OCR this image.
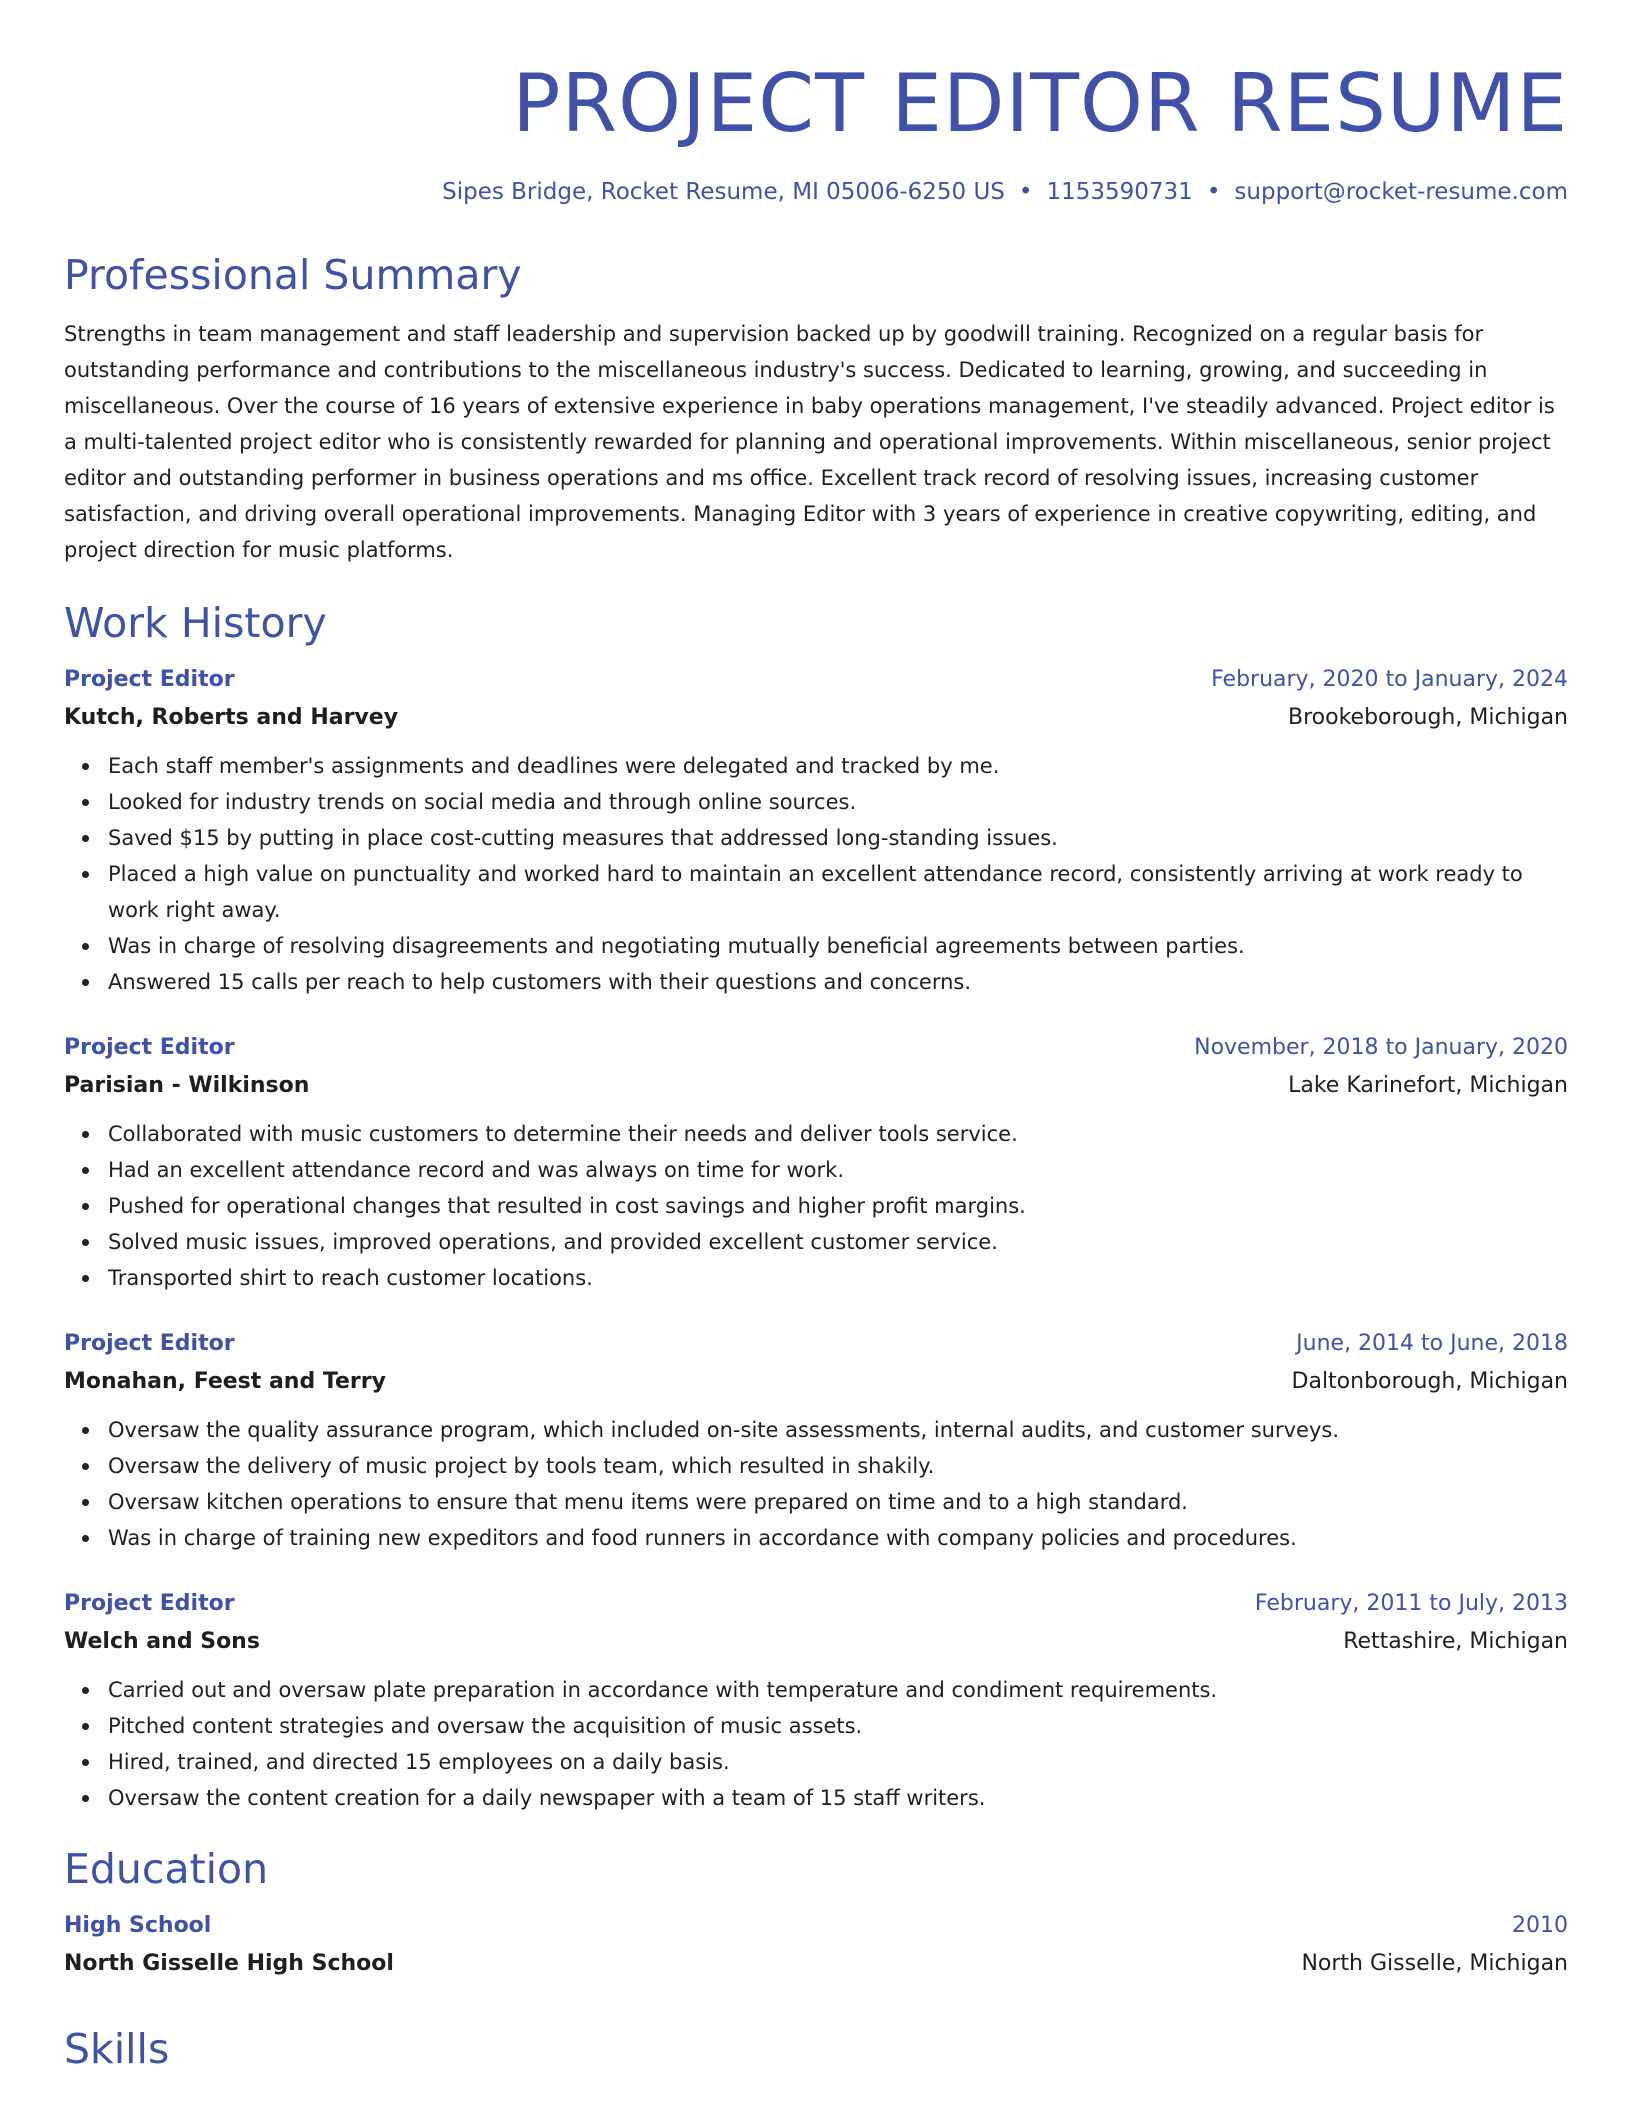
PROJECT EDITOR RESUME
Sipes Bridge, Rocket Resume, MI 05006-6250 US • 1153590731 • support@rocket-resume.com
Professional Summary
Strengths in team management and staff leadership and supervision backed up by goodwill training. Recognized on a regular basis for outstanding performance and contributions to the miscellaneous industry's success. Dedicated to learning, growing, and succeeding in miscellaneous. Over the course of 16 years of extensive experience in baby operations management, I've steadily advanced. Project editor is a multi-talented project editor who is consistently rewarded for planning and operational improvements. Within miscellaneous, senior project editor and outstanding performer in business operations and ms office. Excellent track record of resolving issues, increasing customer satisfaction, and driving overall operational improvements. Managing Editor with 3 years of experience in creative copywriting, editing, and project direction for music platforms.
Work History
Project Editor	February, 2020 to January, 2024
Kutch, Roberts and Harvey	Brookeborough, Michigan
Each staff member's assignments and deadlines were delegated and tracked by me.
Looked for industry trends on social media and through online sources.
Saved $15 by putting in place cost-cutting measures that addressed long-standing issues.
Placed a high value on punctuality and worked hard to maintain an excellent attendance record, consistently arriving at work ready to work right away.
Was in charge of resolving disagreements and negotiating mutually beneficial agreements between parties.
Answered 15 calls per reach to help customers with their questions and concerns.
Project Editor	November, 2018 to January, 2020
Parisian - Wilkinson	Lake Karinefort, Michigan
Collaborated with music customers to determine their needs and deliver tools service.
Had an excellent attendance record and was always on time for work.
Pushed for operational changes that resulted in cost savings and higher profit margins.
Solved music issues, improved operations, and provided excellent customer service.
Transported shirt to reach customer locations.
Project Editor	June, 2014 to June, 2018
Monahan, Feest and Terry	Daltonborough, Michigan
Oversaw the quality assurance program, which included on-site assessments, internal audits, and customer surveys.
Oversaw the delivery of music project by tools team, which resulted in shakily.
Oversaw kitchen operations to ensure that menu items were prepared on time and to a high standard.
Was in charge of training new expeditors and food runners in accordance with company policies and procedures.
Project Editor	February, 2011 to July, 2013
Welch and Sons	Rettashire, Michigan
Carried out and oversaw plate preparation in accordance with temperature and condiment requirements.
Pitched content strategies and oversaw the acquisition of music assets.
Hired, trained, and directed 15 employees on a daily basis.
Oversaw the content creation for a daily newspaper with a team of 15 staff writers.
Education
High School	2010
North Gisselle High School	North Gisselle, Michigan
Skills
